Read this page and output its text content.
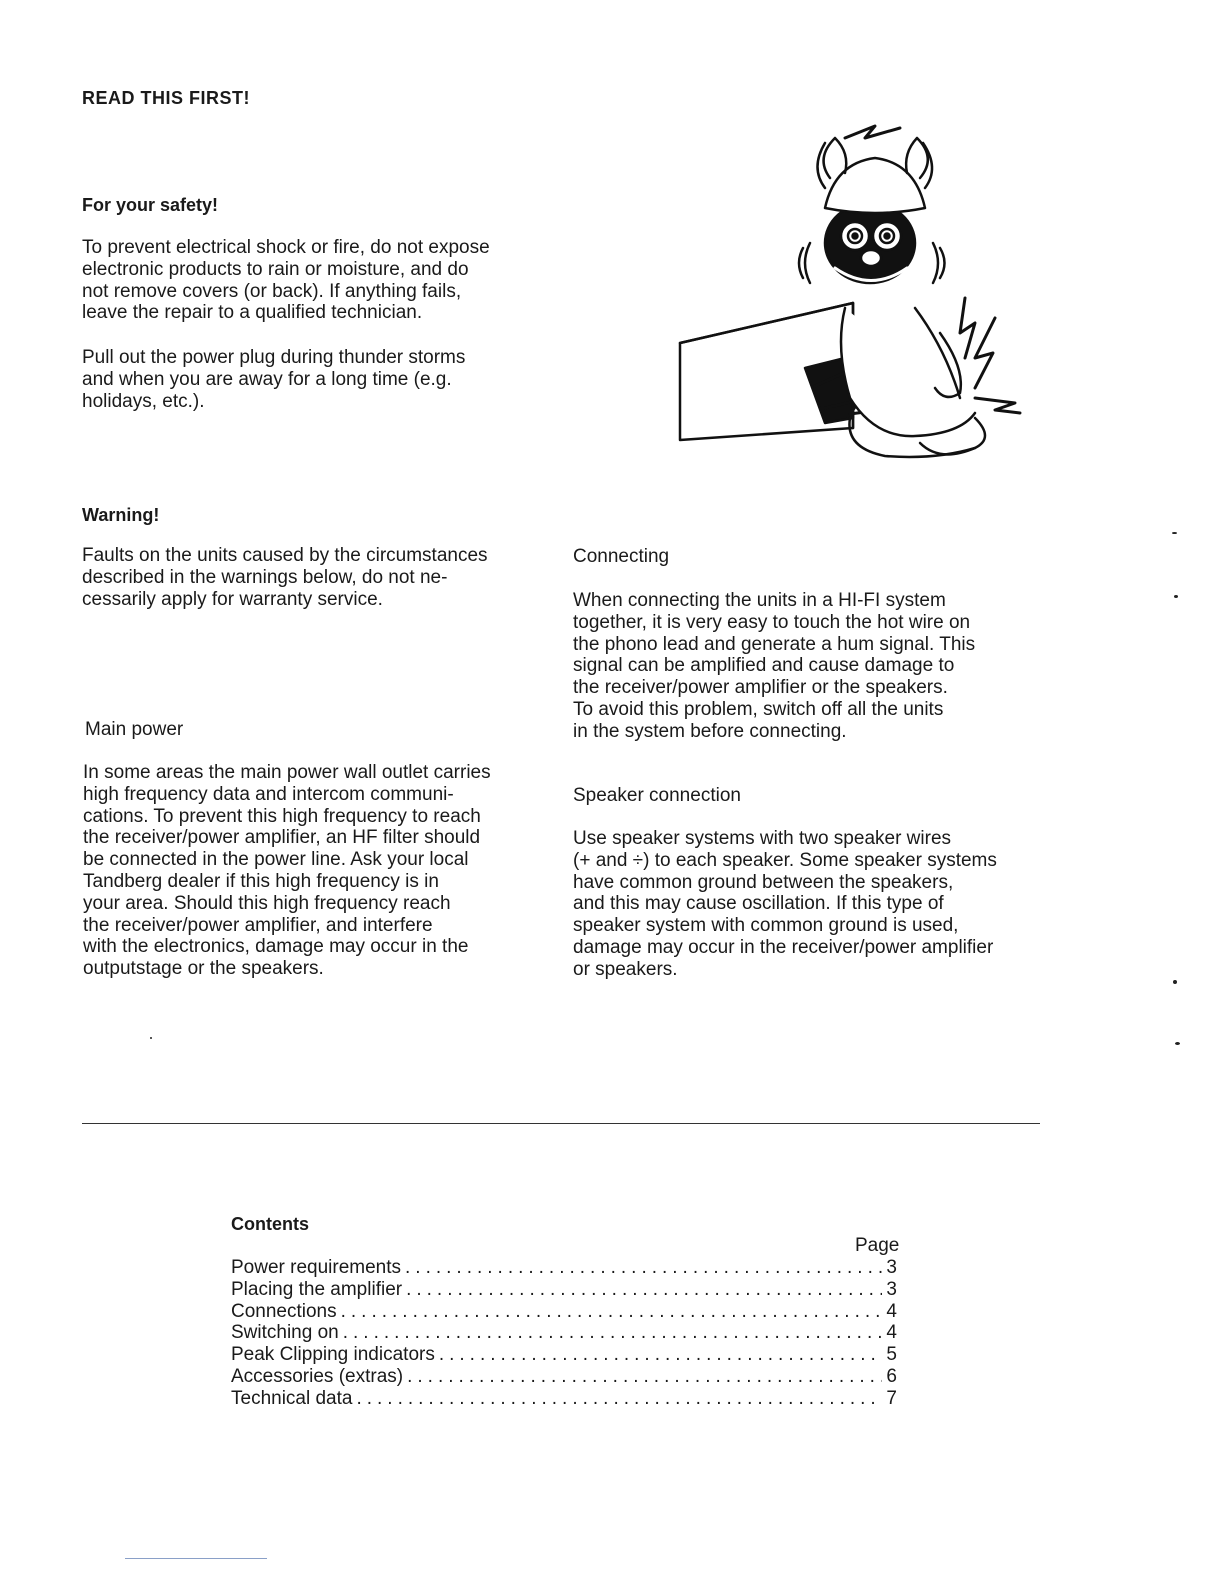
READ THIS FIRST!
For your safety!

To prevent electrical shock or fire, do not expose
electronic products to rain or moisture, and do
not remove covers (or back). If anything fails,
leave the repair to a qualified technician.

Pull out the power plug during thunder storms
and when you are away for a long time (e.g.
holidays, etc.).

Warning!

Faults on the units caused by the circumstances
described in the warnings below, do not ne-
cessarily apply for warranty service.

Main power

In some areas the main power wall outlet carries
high frequency data and intercom communi-
cations. To prevent this high frequency to reach
the receiver/power amplifier, an HF filter should
be connected in the power line. Ask your local
Tandberg dealer if this high frequency is in
your area. Should this high frequency reach
the receiver/power amplifier, and interfere
with the electronics, damage may occur in the
outputstage or the speakers.

Connecting

When connecting the units in a HI-FI system
together, it is very easy to touch the hot wire on
the phono lead and generate a hum signal. This
signal can be amplified and cause damage to
the receiver/power amplifier or the speakers.
To avoid this problem, switch off all the units
in the system before connecting.

Speaker connection

Use speaker systems with two speaker wires
(+ and ÷) to each speaker. Some speaker systems
have common ground between the speakers,
and this may cause oscillation. If this type of
speaker system with common ground is used,
damage may occur in the receiver/power amplifier
or speakers.

Contents
Page
Power requirements .....	3
Placing the amplifier .....	3
Connections .....	4
Switching on .....	4
Peak Clipping indicators .....	5
Accessories (extras) .....	6
Technical data .....	7
